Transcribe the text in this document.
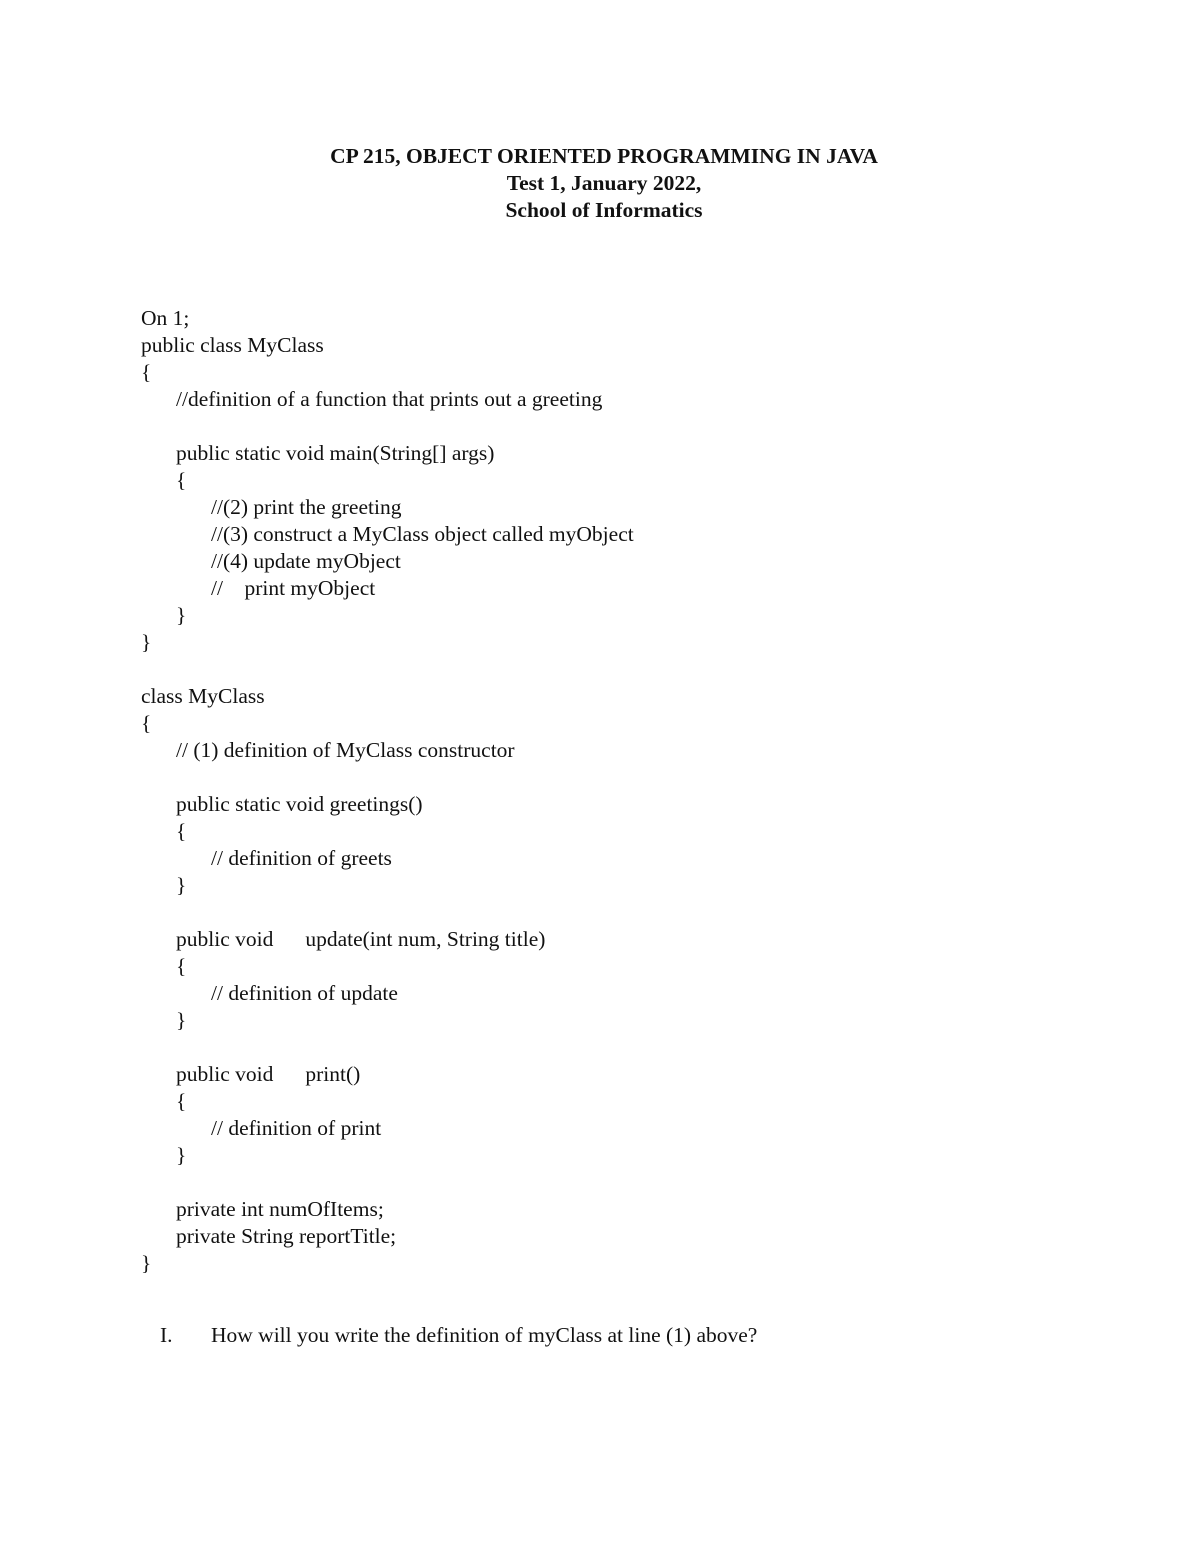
CP 215, OBJECT ORIENTED PROGRAMMING IN JAVA
Test 1, January 2022,
School of Informatics
On 1;
public class MyClass
{
//definition of a function that prints out a greeting
public static void main(String[] args)
{
//(2) print the greeting
//(3) construct a MyClass object called myObject
//(4) update myObject
//    print myObject
}
}
class MyClass
{
// (1) definition of MyClass constructor
public static void greetings()
{
// definition of greets
}
public void update(int num, String title)
{
// definition of update
}
public void print()
{
// definition of print
}
private int numOfItems;
private String reportTitle;
}
I. How will you write the definition of myClass at line (1) above?
